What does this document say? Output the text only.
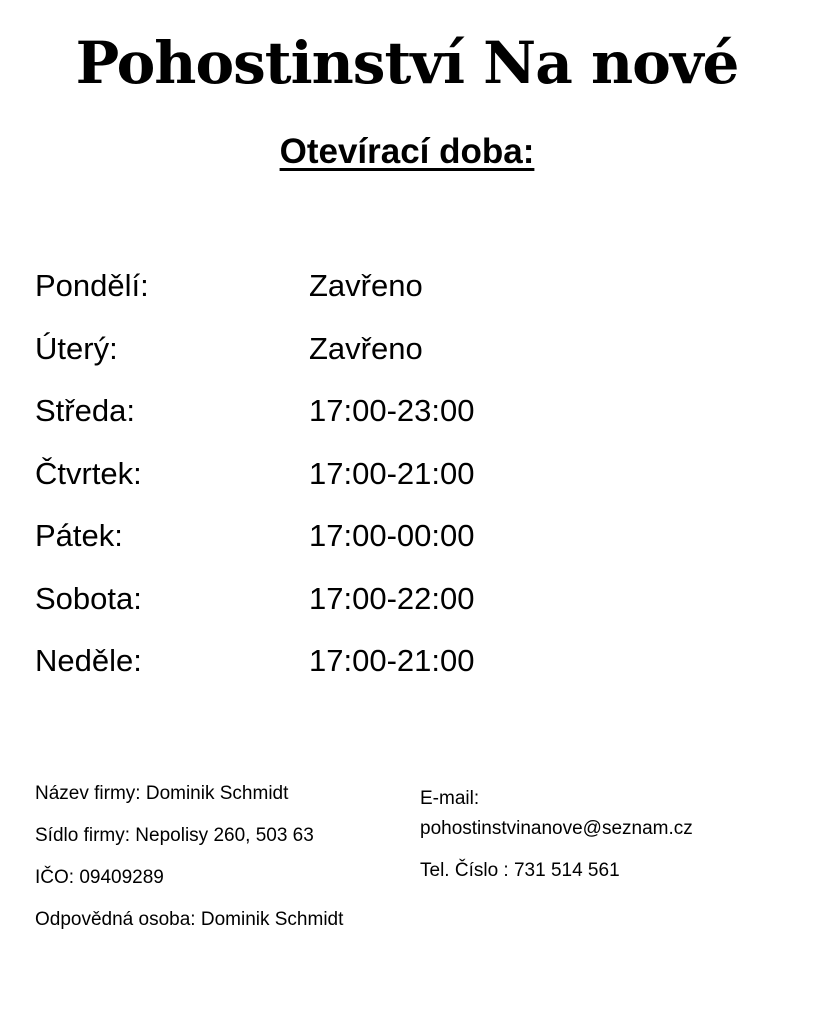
Pohostinství Na nové
Otevírací doba:
Pondělí:	Zavřeno
Úterý:	Zavřeno
Středa:	17:00-23:00
Čtvrtek:	17:00-21:00
Pátek:	17:00-00:00
Sobota:	17:00-22:00
Neděle:	17:00-21:00

Název firmy: Dominik Schmidt

Sídlo firmy: Nepolisy 260, 503 63

IČO: 09409289

Odpovědná osoba: Dominik Schmidt

E-mail:

pohostinstvinanove@seznam.cz

Tel. Číslo : 731 514 561
